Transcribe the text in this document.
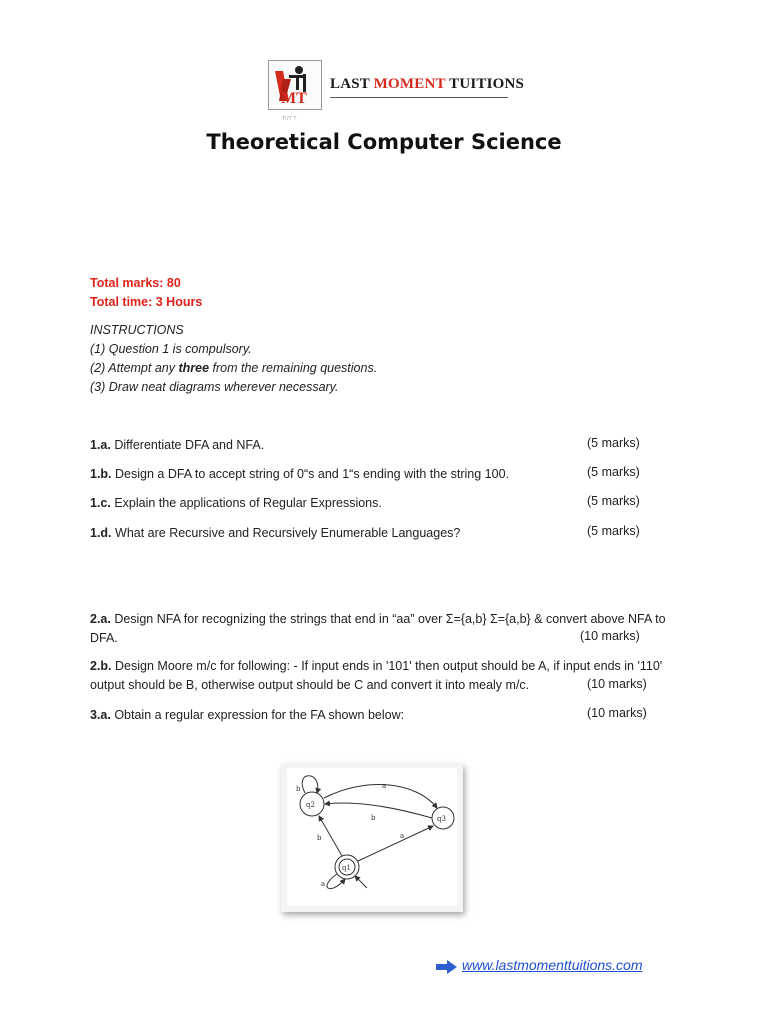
MT
TUT T
LAST MOMENT TUITIONS
Theoretical Computer Science
Total marks: 80
Total time: 3 Hours
INSTRUCTIONS
(1) Question 1 is compulsory.
(2) Attempt any three from the remaining questions.
(3) Draw neat diagrams wherever necessary.
1.a. Differentiate DFA and NFA.	(5 marks)
1.b. Design a DFA to accept string of 0“s and 1“s ending with the string 100.	(5 marks)
1.c. Explain the applications of Regular Expressions.	(5 marks)
1.d. What are Recursive and Recursively Enumerable Languages?	(5 marks)
2.a. Design NFA for recognizing the strings that end in “aa” over Σ={a,b} Σ={a,b} & convert above NFA to DFA.	(10 marks)
2.b. Design Moore m/c for following: - If input ends in '101' then output should be A, if input ends in '110' output should be B, otherwise output should be C and convert it into mealy m/c.	(10 marks)
3.a. Obtain a regular expression for the FA shown below:	(10 marks)
q2
q3
q1
b	a
b
a
b
a
www.lastmomenttuitions.com
